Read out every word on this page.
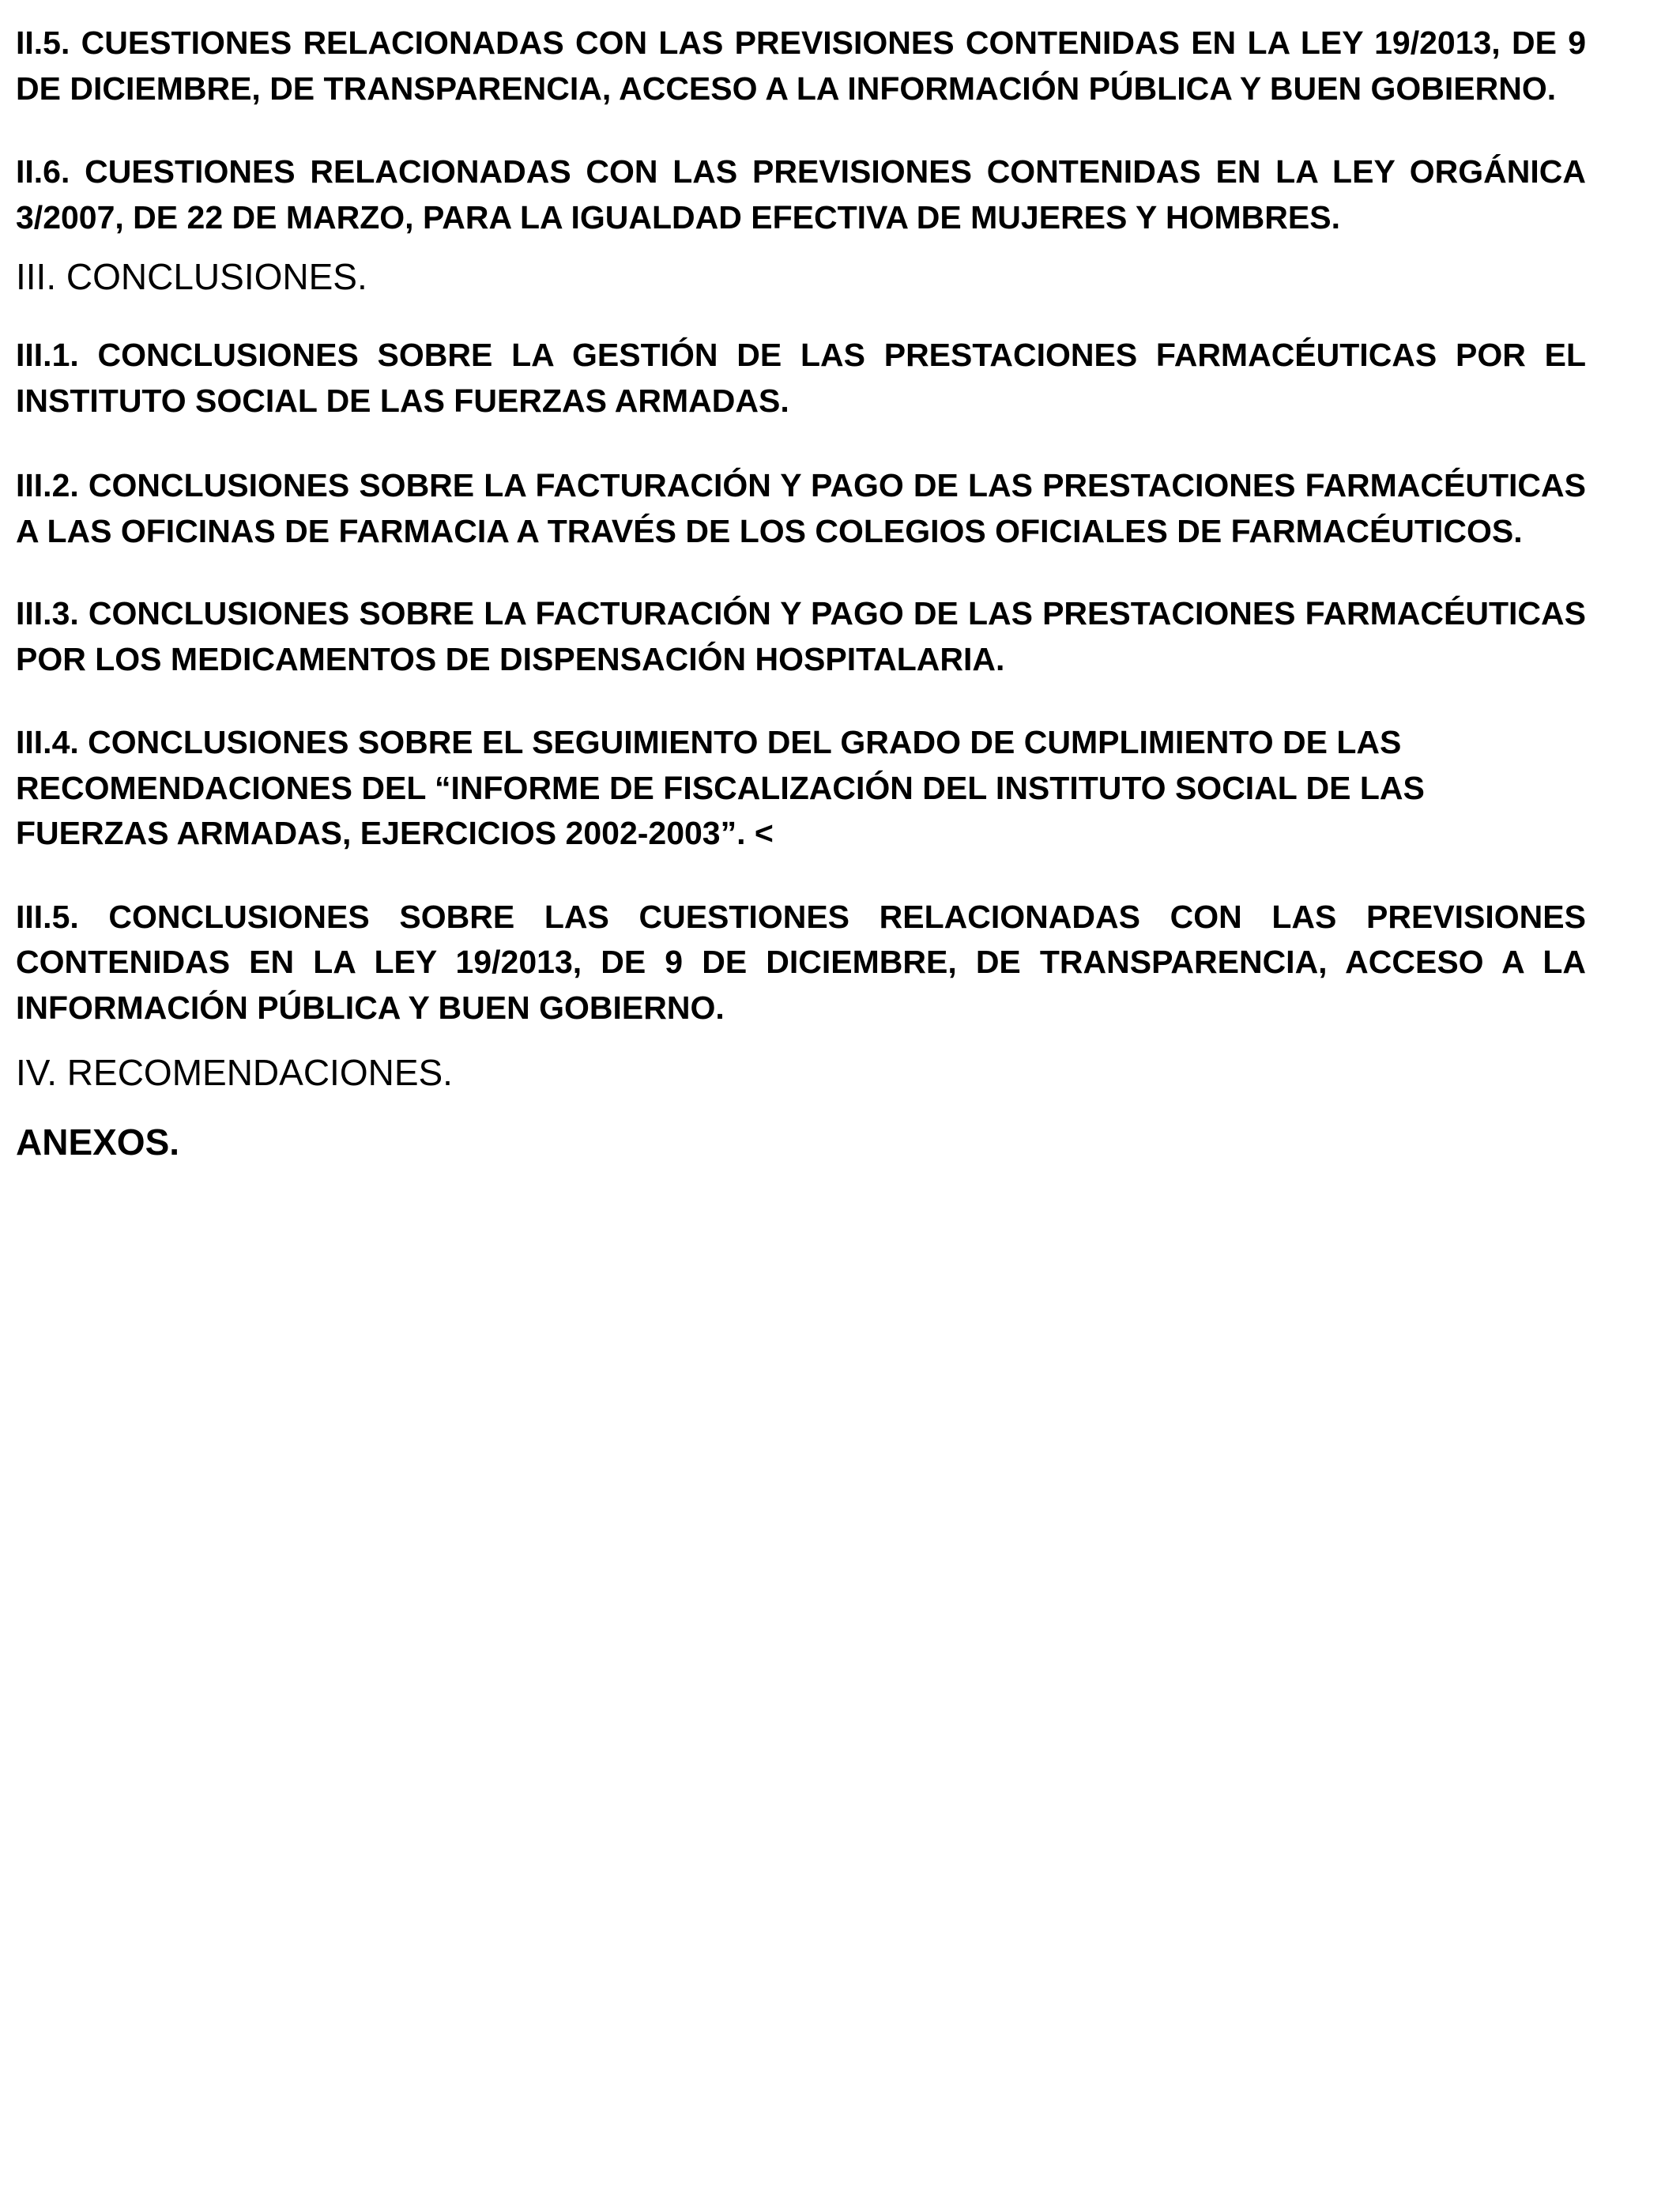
II.5. CUESTIONES RELACIONADAS CON LAS PREVISIONES CONTENIDAS EN LA LEY 19/2013, DE 9 DE DICIEMBRE, DE TRANSPARENCIA, ACCESO A LA INFORMACIÓN PÚBLICA Y BUEN GOBIERNO.

II.6. CUESTIONES RELACIONADAS CON LAS PREVISIONES CONTENIDAS EN LA LEY ORGÁNICA 3/2007, DE 22 DE MARZO, PARA LA IGUALDAD EFECTIVA DE MUJERES Y HOMBRES.

III. CONCLUSIONES.

III.1. CONCLUSIONES SOBRE LA GESTIÓN DE LAS PRESTACIONES FARMACÉUTICAS POR EL INSTITUTO SOCIAL DE LAS FUERZAS ARMADAS.

III.2. CONCLUSIONES SOBRE LA FACTURACIÓN Y PAGO DE LAS PRESTACIONES FARMACÉUTICAS A LAS OFICINAS DE FARMACIA A TRAVÉS DE LOS COLEGIOS OFICIALES DE FARMACÉUTICOS.

III.3. CONCLUSIONES SOBRE LA FACTURACIÓN Y PAGO DE LAS PRESTACIONES FARMACÉUTICAS POR LOS MEDICAMENTOS DE DISPENSACIÓN HOSPITALARIA.

III.4. CONCLUSIONES SOBRE EL SEGUIMIENTO DEL GRADO DE CUMPLIMIENTO DE LAS RECOMENDACIONES DEL “INFORME DE FISCALIZACIÓN DEL INSTITUTO SOCIAL DE LAS FUERZAS ARMADAS, EJERCICIOS 2002-2003”. <

III.5. CONCLUSIONES SOBRE LAS CUESTIONES RELACIONADAS CON LAS PREVISIONES CONTENIDAS EN LA LEY 19/2013, DE 9 DE DICIEMBRE, DE TRANSPARENCIA, ACCESO A LA INFORMACIÓN PÚBLICA Y BUEN GOBIERNO.

IV. RECOMENDACIONES.

ANEXOS.
